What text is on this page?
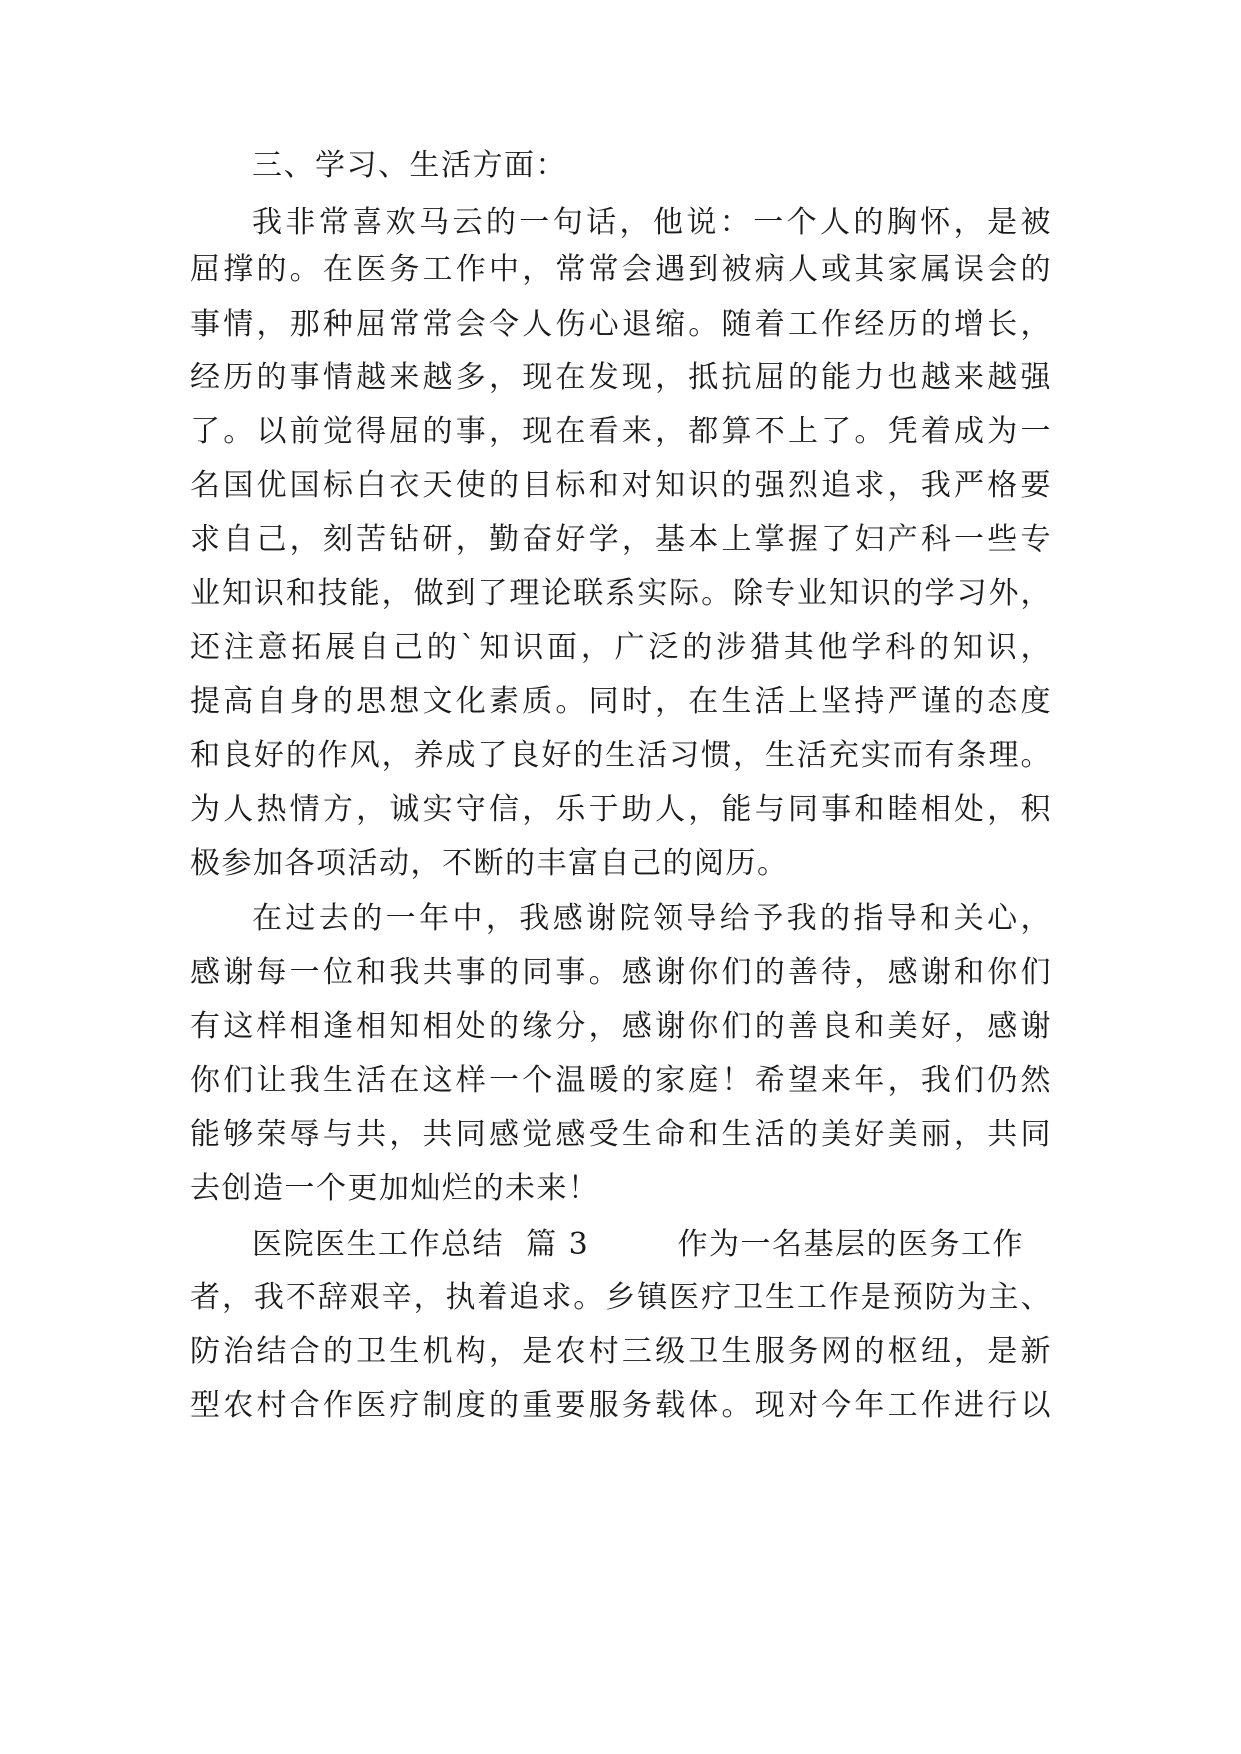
三、学习、生活方面：
我非常喜欢马云的一句话，他说：一个人的胸怀，是被
屈撑的。在医务工作中，常常会遇到被病人或其家属误会的
事情，那种屈常常会令人伤心退缩。随着工作经历的增长，
经历的事情越来越多，现在发现，抵抗屈的能力也越来越强
了。以前觉得屈的事，现在看来，都算不上了。凭着成为一
名国优国标白衣天使的目标和对知识的强烈追求，我严格要
求自己，刻苦钻研，勤奋好学，基本上掌握了妇产科一些专
业知识和技能，做到了理论联系实际。除专业知识的学习外，
还注意拓展自己的`知识面，广泛的涉猎其他学科的知识，
提高自身的思想文化素质。同时，在生活上坚持严谨的态度
和良好的作风，养成了良好的生活习惯，生活充实而有条理。
为人热情方，诚实守信，乐于助人，能与同事和睦相处，积
极参加各项活动，不断的丰富自己的阅历。
在过去的一年中，我感谢院领导给予我的指导和关心，
感谢每一位和我共事的同事。感谢你们的善待，感谢和你们
有这样相逢相知相处的缘分，感谢你们的善良和美好，感谢
你们让我生活在这样一个温暖的家庭！希望来年，我们仍然
能够荣辱与共，共同感觉感受生命和生活的美好美丽，共同
去创造一个更加灿烂的未来！
医院医生工作总结  篇 3        作为一名基层的医务工作
者，我不辞艰辛，执着追求。乡镇医疗卫生工作是预防为主、
防治结合的卫生机构，是农村三级卫生服务网的枢纽，是新
型农村合作医疗制度的重要服务载体。现对今年工作进行以
